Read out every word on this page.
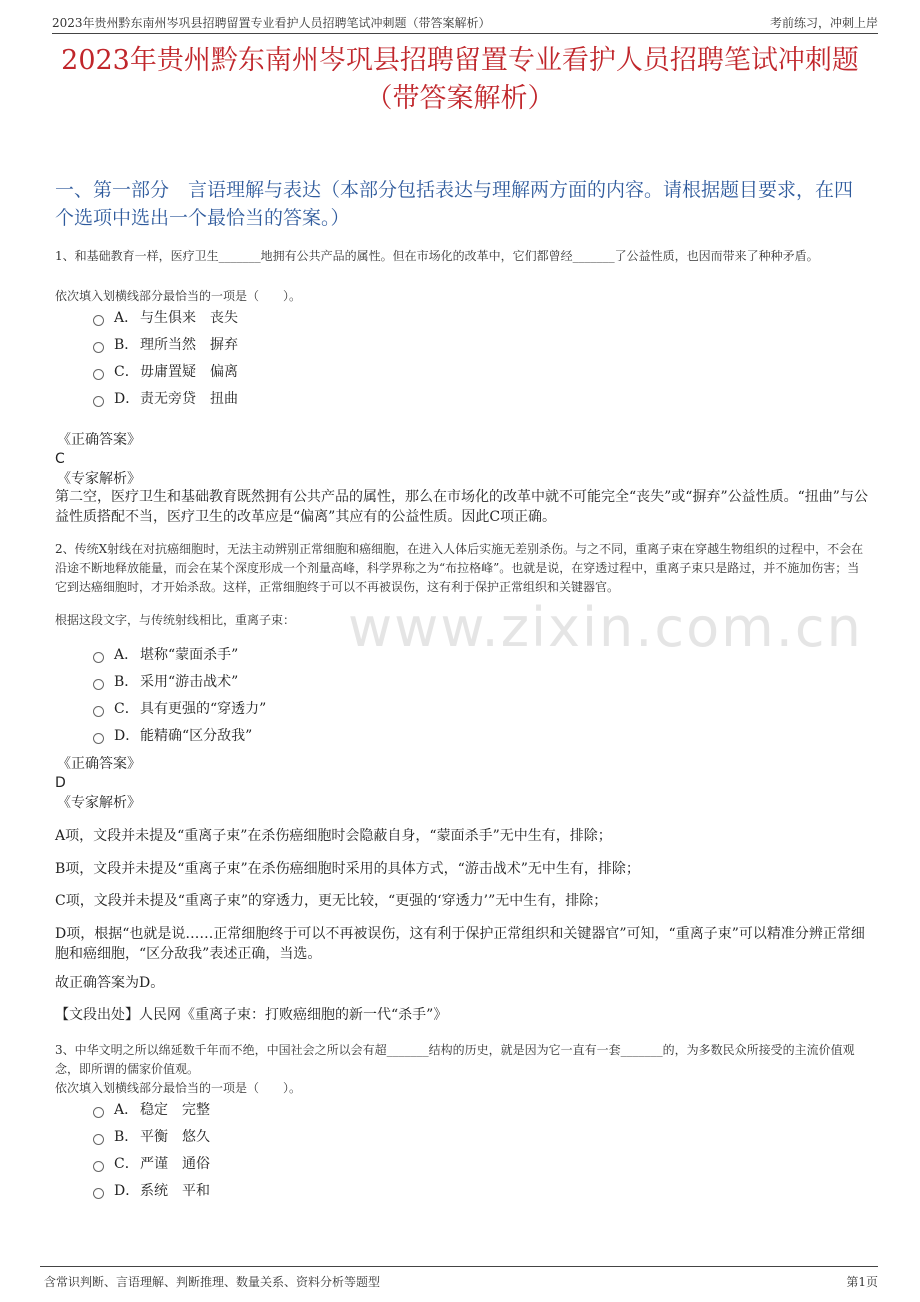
2023年贵州黔东南州岑巩县招聘留置专业看护人员招聘笔试冲刺题（带答案解析）	考前练习，冲刺上岸
2023年贵州黔东南州岑巩县招聘留置专业看护人员招聘笔试冲刺题（带答案解析）
一、第一部分　言语理解与表达（本部分包括表达与理解两方面的内容。请根据题目要求，在四个选项中选出一个最恰当的答案。）
1、和基础教育一样，医疗卫生_______地拥有公共产品的属性。但在市场化的改革中，它们都曾经_______了公益性质，也因而带来了种种矛盾。
依次填入划横线部分最恰当的一项是（　　）。
A． 与生俱来　丧失
B． 理所当然　摒弃
C． 毋庸置疑　偏离
D． 责无旁贷　扭曲
《正确答案》
C
《专家解析》
第二空，医疗卫生和基础教育既然拥有公共产品的属性，那么在市场化的改革中就不可能完全“丧失”或“摒弃”公益性质。“扭曲”与公益性质搭配不当，医疗卫生的改革应是“偏离”其应有的公益性质。因此C项正确。
2、传统X射线在对抗癌细胞时，无法主动辨别正常细胞和癌细胞，在进入人体后实施无差别杀伤。与之不同，重离子束在穿越生物组织的过程中，不会在沿途不断地释放能量，而会在某个深度形成一个剂量高峰，科学界称之为“布拉格峰”。也就是说，在穿透过程中，重离子束只是路过，并不施加伤害；当它到达癌细胞时，才开始杀敌。这样，正常细胞终于可以不再被误伤，这有利于保护正常组织和关键器官。
根据这段文字，与传统射线相比，重离子束： www.zixin.com.cn
A． 堪称“蒙面杀手”
B． 采用“游击战术”
C． 具有更强的“穿透力”
D． 能精确“区分敌我”
《正确答案》
D
《专家解析》
A项，文段并未提及“重离子束”在杀伤癌细胞时会隐蔽自身，“蒙面杀手”无中生有，排除；
B项，文段并未提及“重离子束”在杀伤癌细胞时采用的具体方式，“游击战术”无中生有，排除；
C项，文段并未提及“重离子束”的穿透力，更无比较，“更强的‘穿透力’”无中生有，排除；
D项，根据“也就是说……正常细胞终于可以不再被误伤，这有利于保护正常组织和关键器官”可知，“重离子束”可以精准分辨正常细胞和癌细胞，“区分敌我”表述正确，当选。
故正确答案为D。
【文段出处】人民网《重离子束：打败癌细胞的新一代“杀手”》
3、中华文明之所以绵延数千年而不绝，中国社会之所以会有超_______结构的历史，就是因为它一直有一套_______的，为多数民众所接受的主流价值观念，即所谓的儒家价值观。
依次填入划横线部分最恰当的一项是（　　）。
A． 稳定　完整
B． 平衡　悠久
C． 严谨　通俗
D． 系统　平和
含常识判断、言语理解、判断推理、数量关系、资料分析等题型	第1页
